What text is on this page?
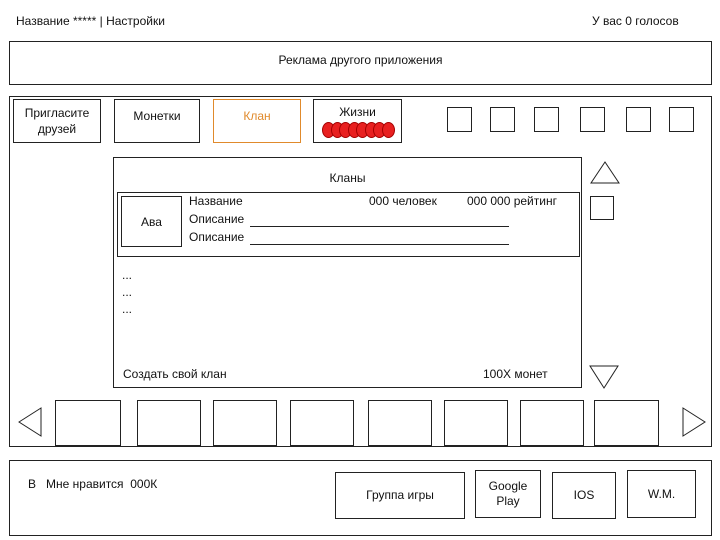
Название ***** | Настройки	У вас 0 голосов
Реклама другого приложения
Пригласите друзей
Монетки	Клан	Жизни
Кланы
Ава
Название	000 человек	000 000 рейтинг
Описание
Описание
...
...
...
Создать свой клан	100Х монет
В   Мне нравится  000К
Группа игры
Google Play	IOS	W.M.
